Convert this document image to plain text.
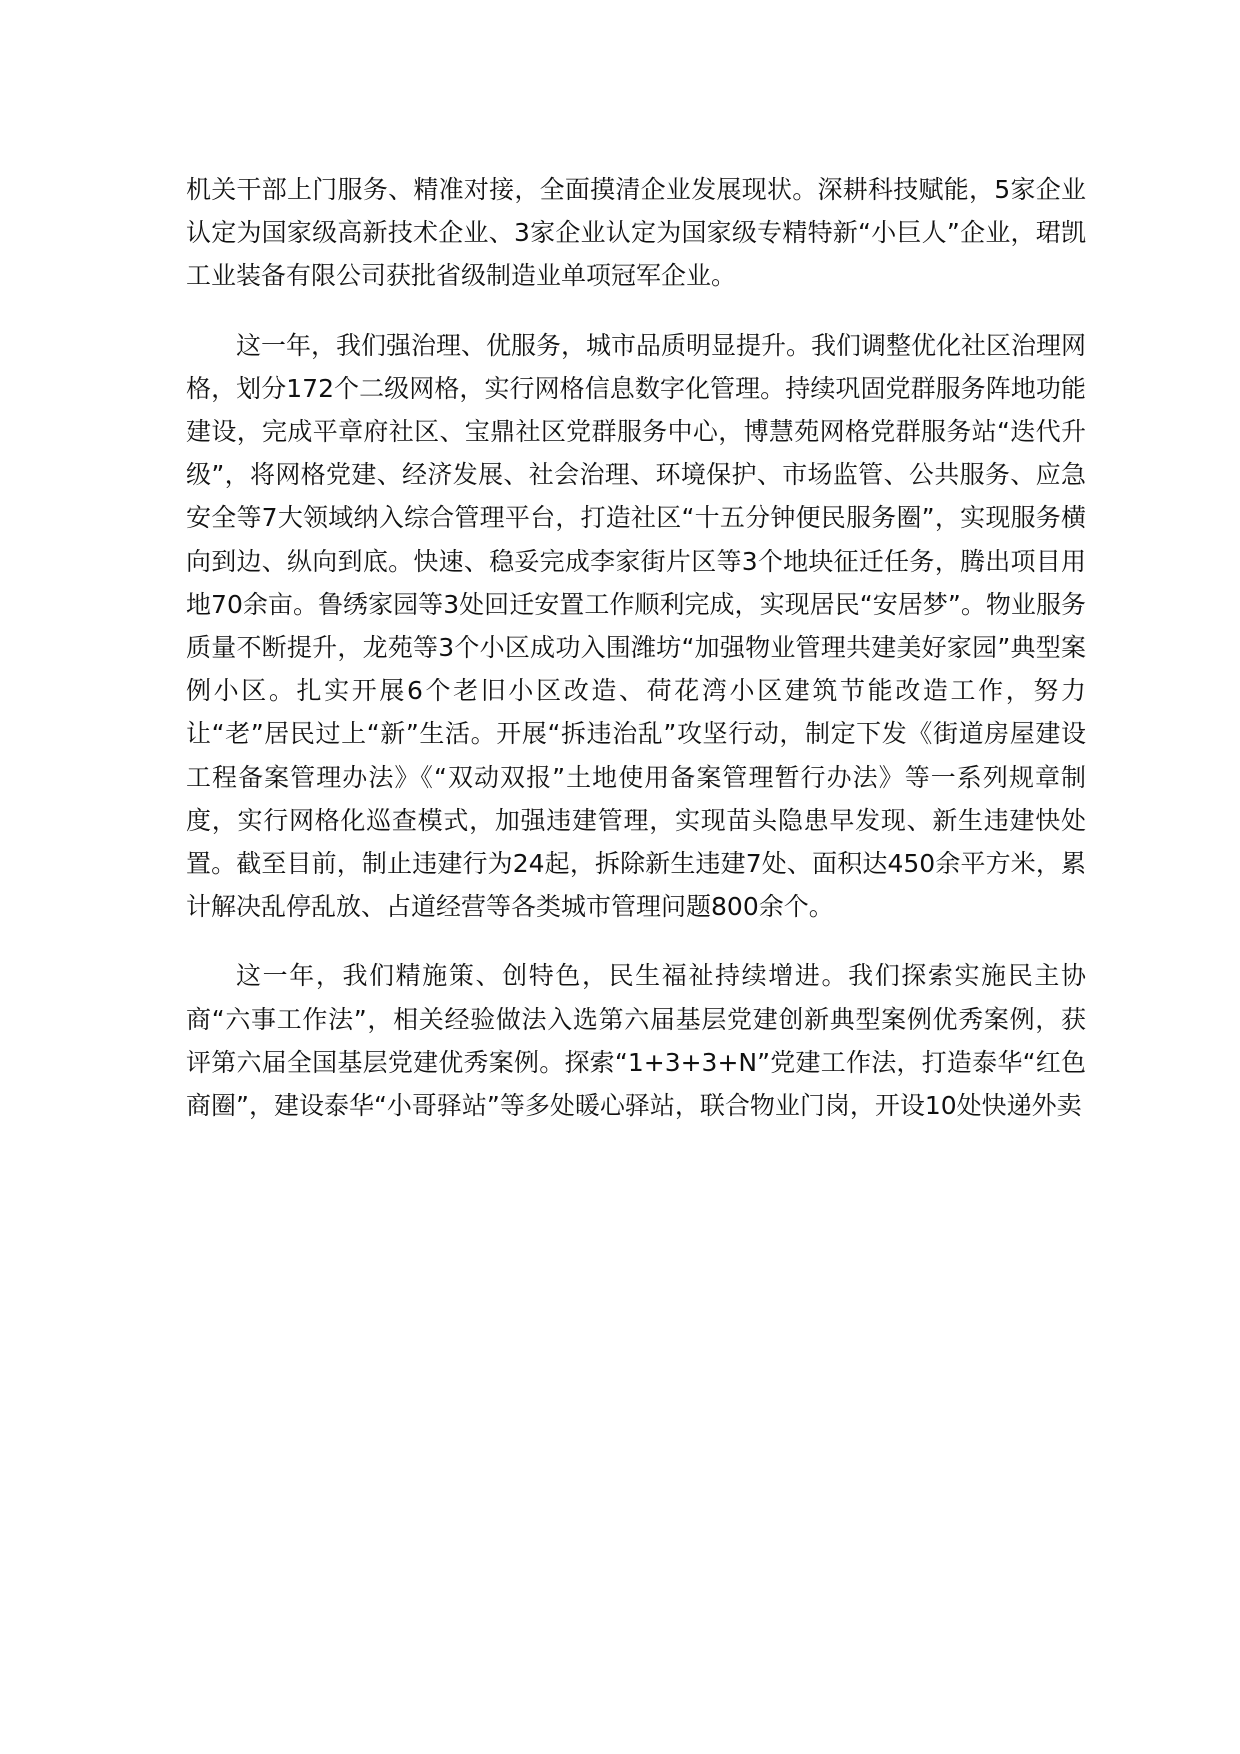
机关干部上门服务、精准对接，全面摸清企业发展现状。深耕科技赋能，5家企业认定为国家级高新技术企业、3家企业认定为国家级专精特新“小巨人”企业，珺凯工业装备有限公司获批省级制造业单项冠军企业。

这一年，我们强治理、优服务，城市品质明显提升。我们调整优化社区治理网格，划分172个二级网格，实行网格信息数字化管理。持续巩固党群服务阵地功能建设，完成平章府社区、宝鼎社区党群服务中心，博慧苑网格党群服务站“迭代升级”，将网格党建、经济发展、社会治理、环境保护、市场监管、公共服务、应急安全等7大领域纳入综合管理平台，打造社区“十五分钟便民服务圈”，实现服务横向到边、纵向到底。快速、稳妥完成李家街片区等3个地块征迁任务，腾出项目用地70余亩。鲁绣家园等3处回迁安置工作顺利完成，实现居民“安居梦”。物业服务质量不断提升，龙苑等3个小区成功入围潍坊“加强物业管理共建美好家园”典型案例小区。扎实开展6个老旧小区改造、荷花湾小区建筑节能改造工作，努力让“老”居民过上“新”生活。开展“拆违治乱”攻坚行动，制定下发《街道房屋建设工程备案管理办法》《“双动双报”土地使用备案管理暂行办法》等一系列规章制度，实行网格化巡查模式，加强违建管理，实现苗头隐患早发现、新生违建快处置。截至目前，制止违建行为24起，拆除新生违建7处、面积达450余平方米，累计解决乱停乱放、占道经营等各类城市管理问题800余个。

这一年，我们精施策、创特色，民生福祉持续增进。我们探索实施民主协商“六事工作法”，相关经验做法入选第六届基层党建创新典型案例优秀案例，获评第六届全国基层党建优秀案例。探索“1+3+3+N”党建工作法，打造泰华“红色商圈”，建设泰华“小哥驿站”等多处暖心驿站，联合物业门岗，开设10处快递外卖
